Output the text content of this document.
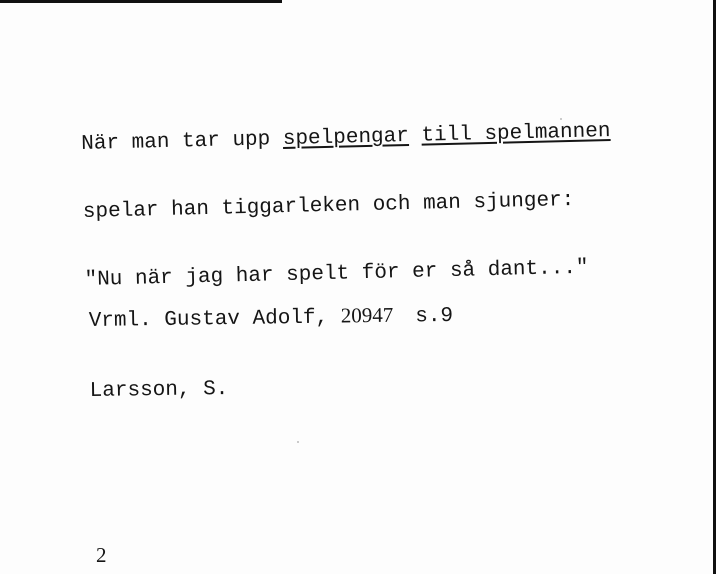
När man tar upp spelpengar till spelmannen

spelar han tiggarleken och man sjunger:

"Nu när jag har spelt för er så dant..."

Vrml. Gustav Adolf, 20947 s.9

Larsson, S.

2
